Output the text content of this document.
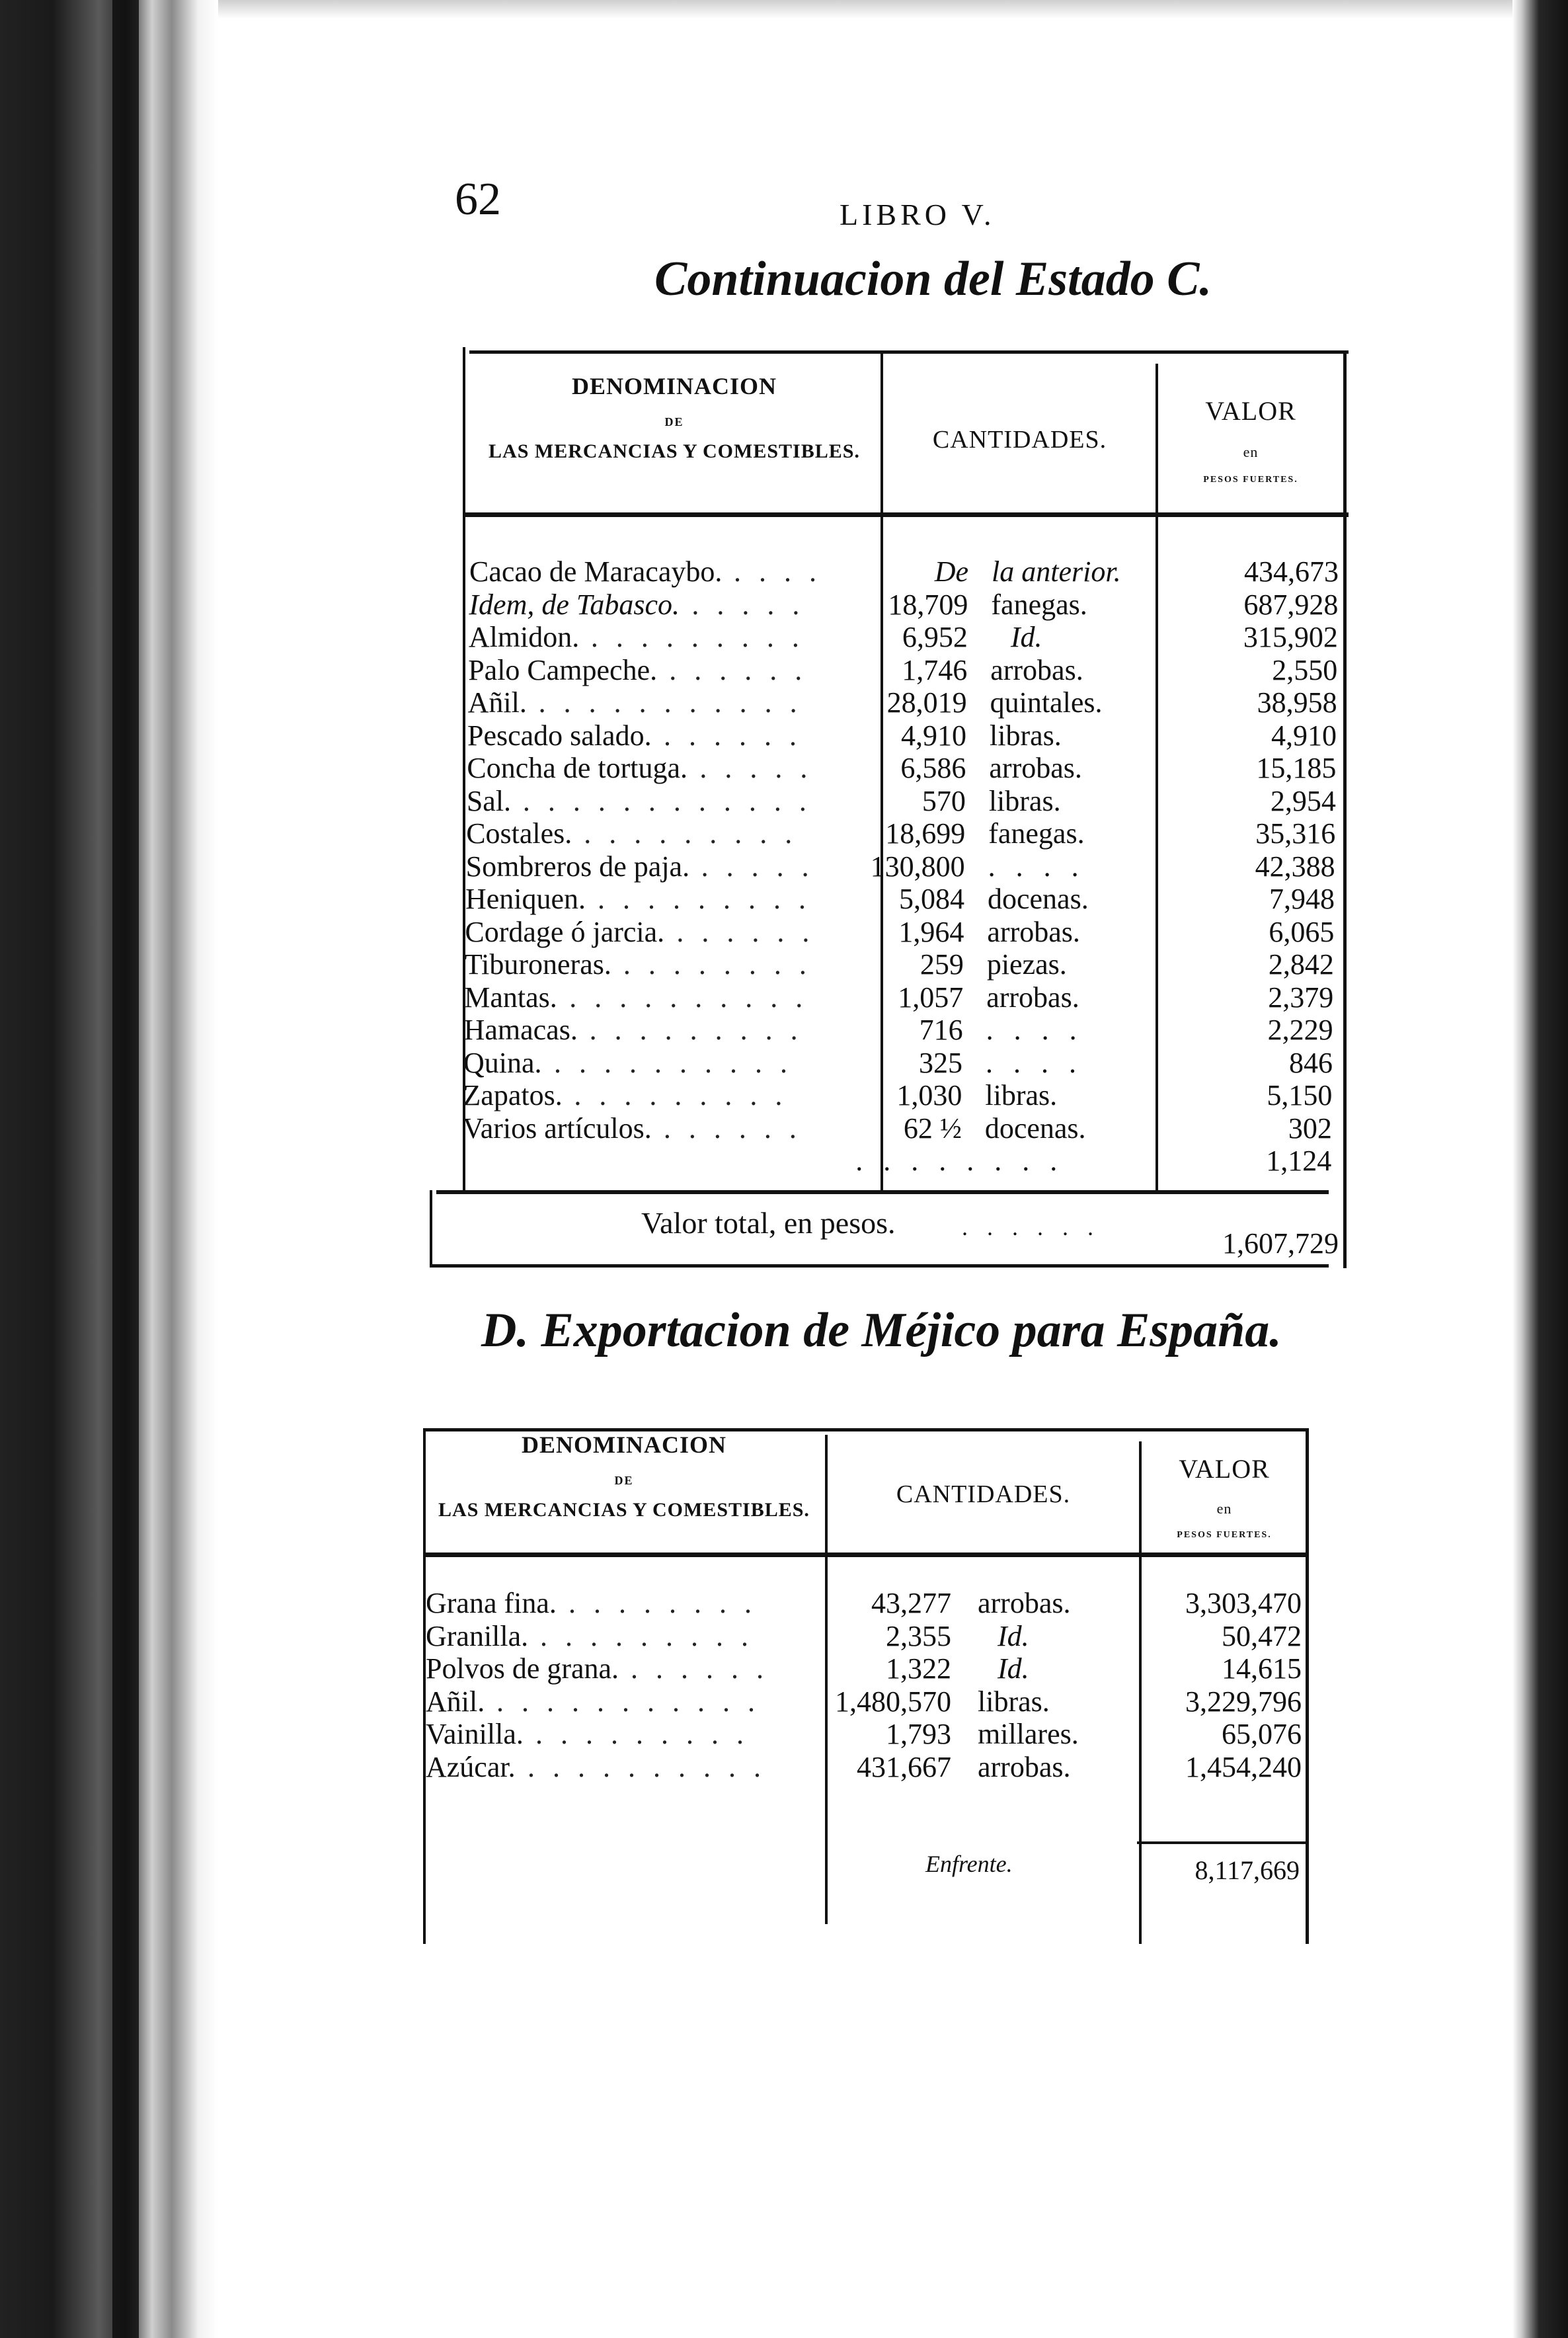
62	LIBRO V.
Continuacion del Estado C.
DENOMINACION
DE
LAS MERCANCIAS Y COMESTIBLES.	CANTIDADES.
VALOR
en
PESOS FUERTES.
Cacao de Maracaybo. . . . .	De la anterior.	434,673
Idem, de Tabasco. . . . . .	18,709 fanegas.	687,928
Almidon. . . . . . . . . .	6,952 Id.	315,902
Palo Campeche. . . . . . .	1,746 arrobas.	2,550
Añil. . . . . . . . . . . .	28,019 quintales.	38,958
Pescado salado. . . . . . .	4,910 libras.	4,910
Concha de tortuga. . . . . .	6,586 arrobas.	15,185
Sal. . . . . . . . . . . . .	570 libras.	2,954
Costales. . . . . . . . . .	18,699 fanegas.	35,316
Sombreros de paja. . . . . .	130,800 . . . .	42,388
Heniquen. . . . . . . . . .	5,084 docenas.	7,948
Cordage ó jarcia. . . . . . .	1,964 arrobas.	6,065
Tiburoneras. . . . . . . . .	259 piezas.	2,842
Mantas. . . . . . . . . . .	1,057 arrobas.	2,379
Hamacas. . . . . . . . . .	716 . . . .	2,229
Quina. . . . . . . . . . .	325 . . . .	846
Zapatos. . . . . . . . . .	1,030 libras.	5,150
Varios artículos. . . . . . .	62 ½ docenas.	302
. . . . . . . .	1,124
Valor total, en pesos.	. . . . . .	1,607,729
D. Exportacion de Méjico para España.
DENOMINACION
DE
LAS MERCANCIAS Y COMESTIBLES.
CANTIDADES.
VALOR
en
PESOS FUERTES.
Grana fina. . . . . . . . .	43,277 arrobas.	3,303,470
Granilla. . . . . . . . . .	2,355 Id.	50,472
Polvos de grana. . . . . . .	1,322 Id.	14,615
Añil. . . . . . . . . . . .	1,480,570 libras.	3,229,796
Vainilla. . . . . . . . . .	1,793 millares.	65,076
Azúcar. . . . . . . . . . .	431,667 arrobas.	1,454,240
Enfrente.	8,117,669
